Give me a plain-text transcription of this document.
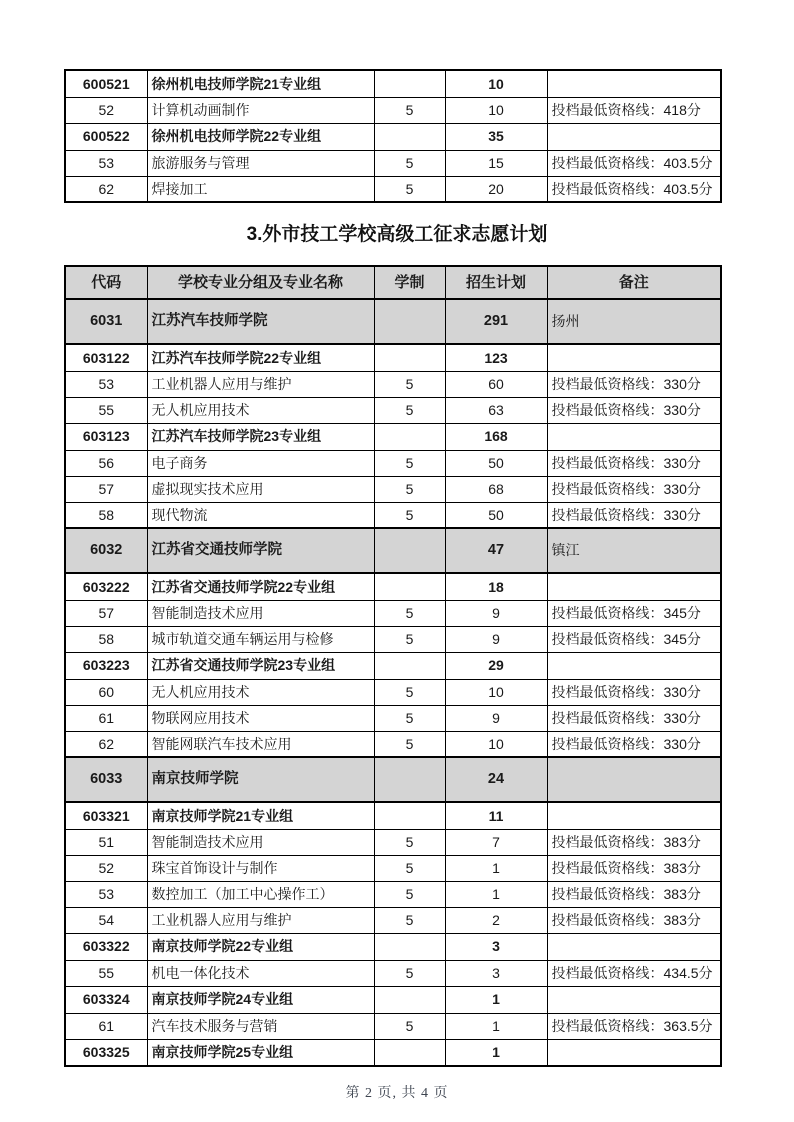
600521	徐州机电技师学院21专业组		10	
52	计算机动画制作	5	10	投档最低资格线：418分
600522	徐州机电技师学院22专业组		35	
53	旅游服务与管理	5	15	投档最低资格线：403.5分
62	焊接加工	5	20	投档最低资格线：403.5分
3.外市技工学校高级工征求志愿计划
代码	学校专业分组及专业名称	学制	招生计划	备注
6031	江苏汽车技师学院		291	扬州
603122	江苏汽车技师学院22专业组		123	
53	工业机器人应用与维护	5	60	投档最低资格线：330分
55	无人机应用技术	5	63	投档最低资格线：330分
603123	江苏汽车技师学院23专业组		168	
56	电子商务	5	50	投档最低资格线：330分
57	虚拟现实技术应用	5	68	投档最低资格线：330分
58	现代物流	5	50	投档最低资格线：330分
6032	江苏省交通技师学院		47	镇江
603222	江苏省交通技师学院22专业组		18	
57	智能制造技术应用	5	9	投档最低资格线：345分
58	城市轨道交通车辆运用与检修	5	9	投档最低资格线：345分
603223	江苏省交通技师学院23专业组		29	
60	无人机应用技术	5	10	投档最低资格线：330分
61	物联网应用技术	5	9	投档最低资格线：330分
62	智能网联汽车技术应用	5	10	投档最低资格线：330分
6033	南京技师学院		24	
603321	南京技师学院21专业组		11	
51	智能制造技术应用	5	7	投档最低资格线：383分
52	珠宝首饰设计与制作	5	1	投档最低资格线：383分
53	数控加工（加工中心操作工）	5	1	投档最低资格线：383分
54	工业机器人应用与维护	5	2	投档最低资格线：383分
603322	南京技师学院22专业组		3	
55	机电一体化技术	5	3	投档最低资格线：434.5分
603324	南京技师学院24专业组		1	
61	汽车技术服务与营销	5	1	投档最低资格线：363.5分
603325	南京技师学院25专业组		1	
第 2 页, 共 4 页
